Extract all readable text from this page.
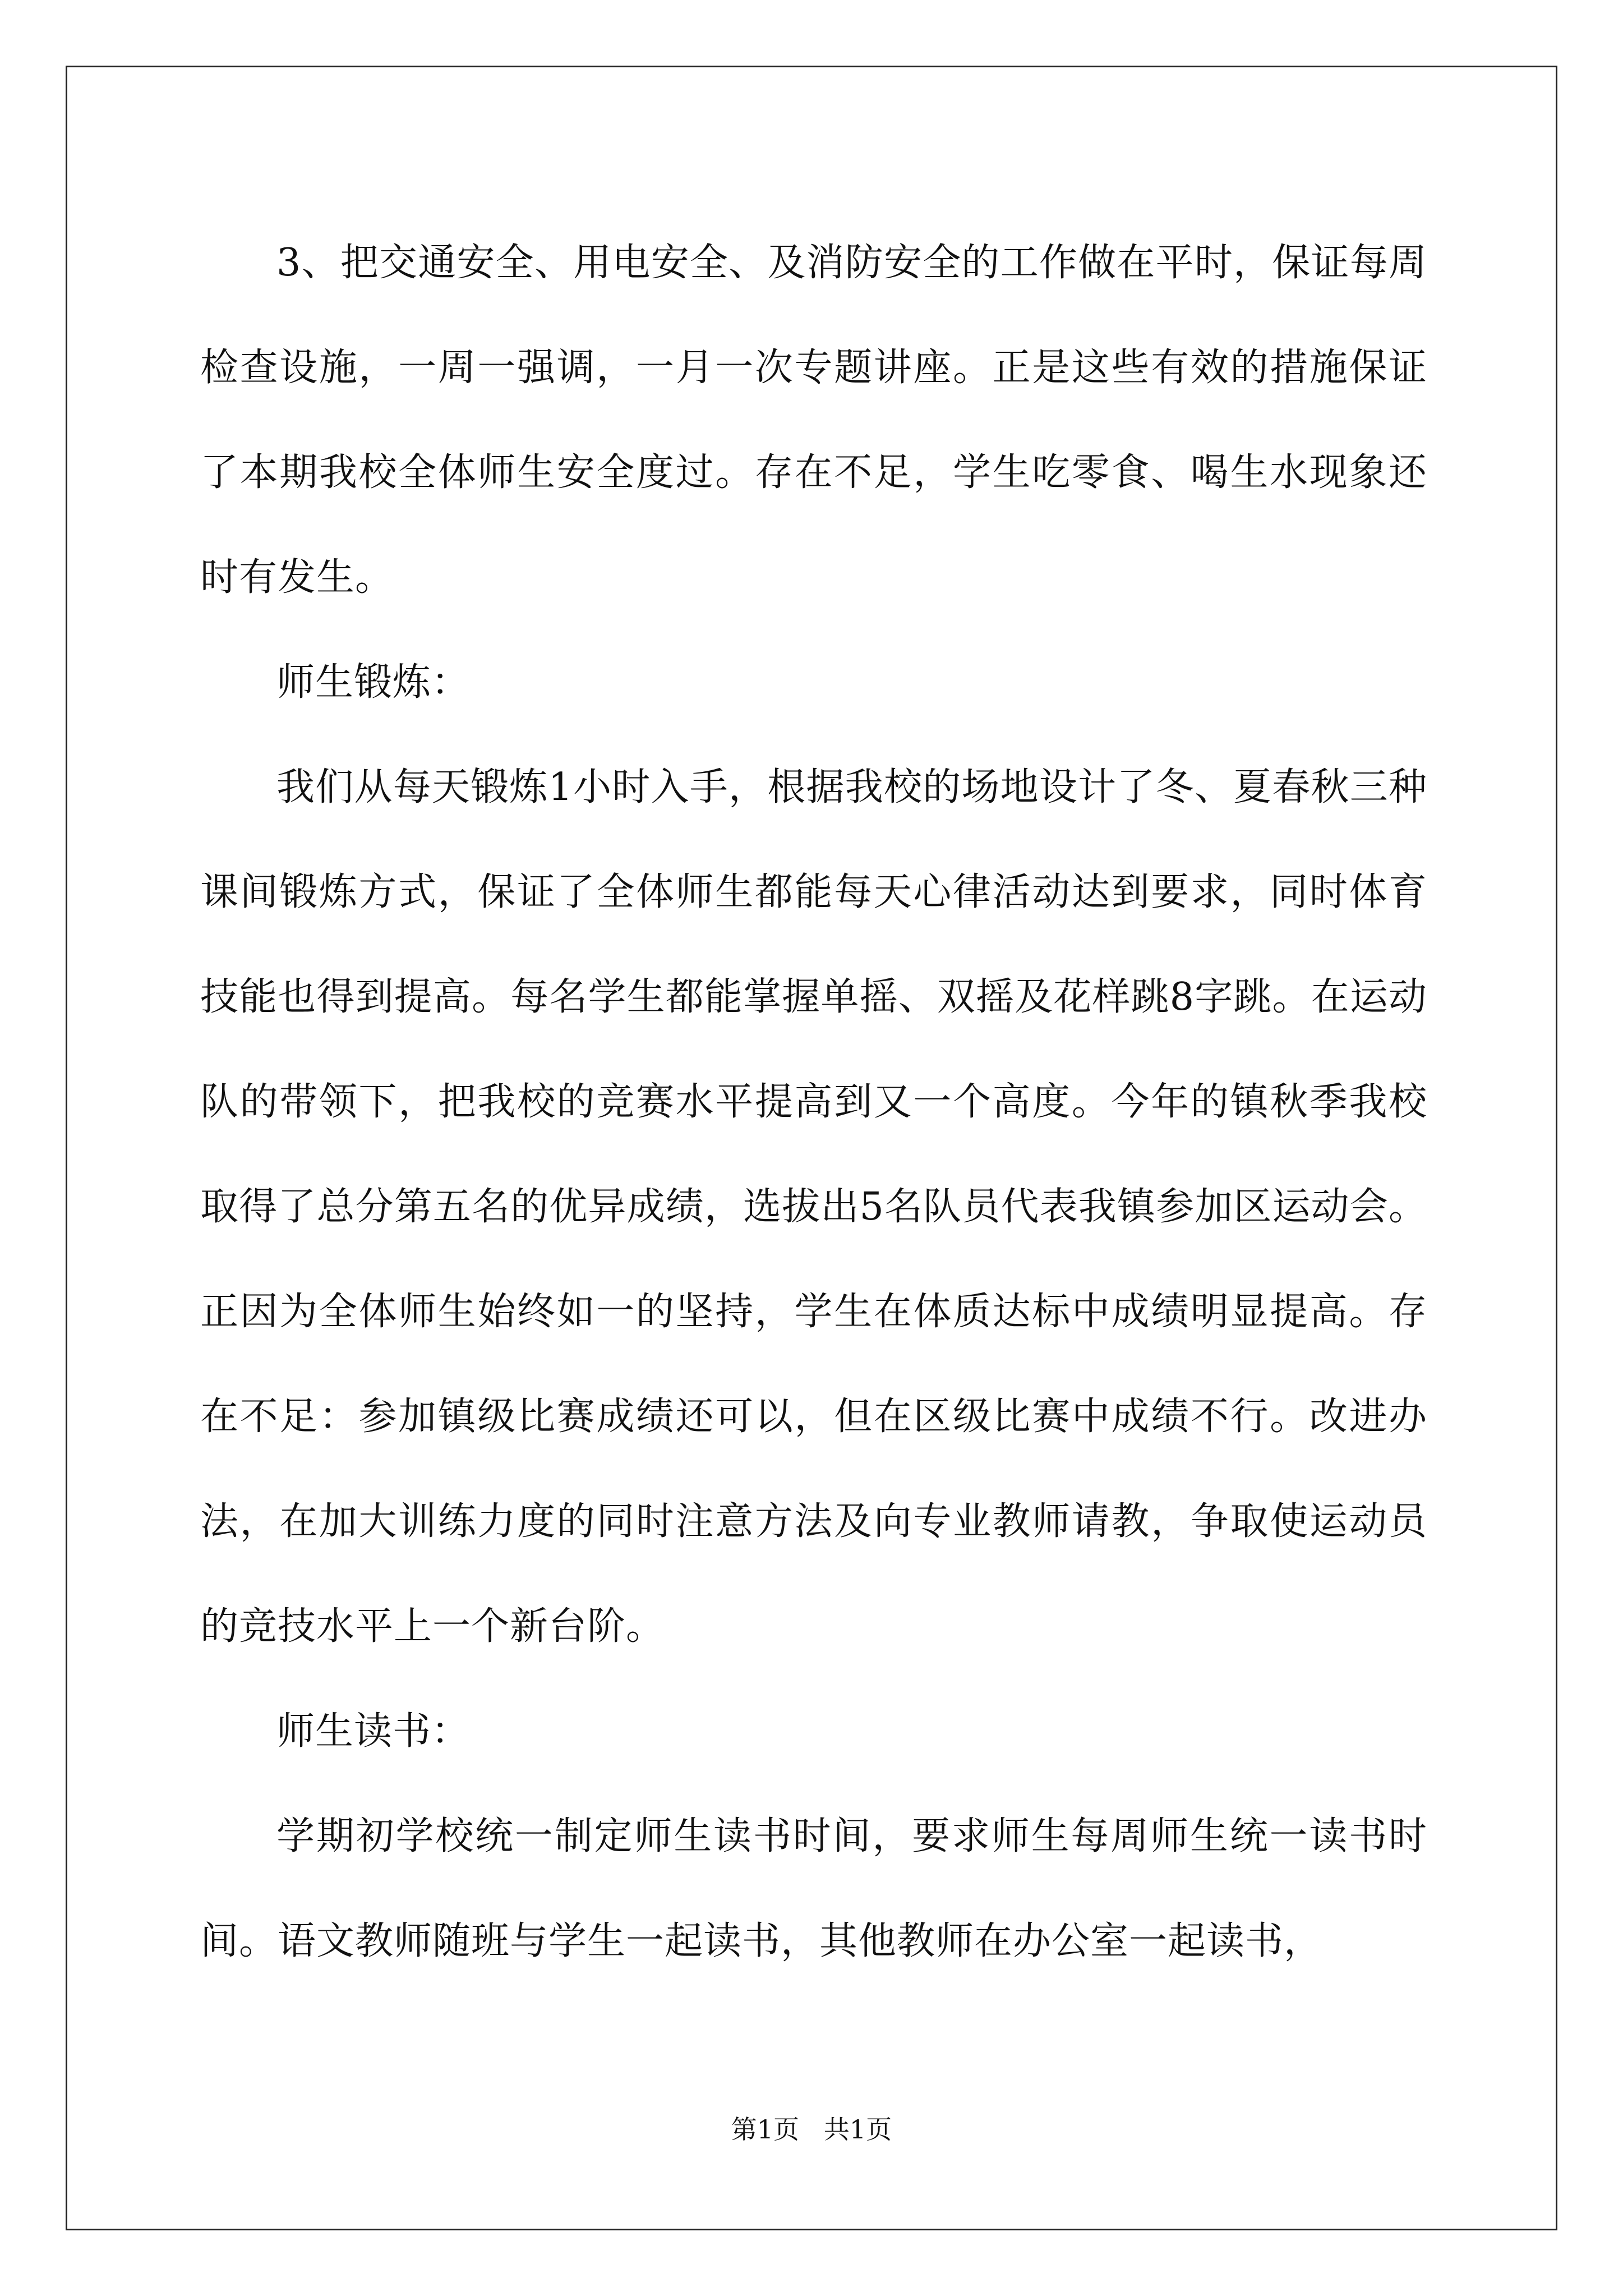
3、把交通安全、用电安全、及消防安全的工作做在平时，保证每周检查设施，一周一强调，一月一次专题讲座。正是这些有效的措施保证了本期我校全体师生安全度过。存在不足，学生吃零食、喝生水现象还时有发生。

师生锻炼：

我们从每天锻炼1小时入手，根据我校的场地设计了冬、夏春秋三种课间锻炼方式，保证了全体师生都能每天心律活动达到要求，同时体育技能也得到提高。每名学生都能掌握单摇、双摇及花样跳8字跳。在运动队的带领下，把我校的竞赛水平提高到又一个高度。今年的镇秋季我校取得了总分第五名的优异成绩，选拔出5名队员代表我镇参加区运动会。正因为全体师生始终如一的坚持，学生在体质达标中成绩明显提高。存在不足：参加镇级比赛成绩还可以，但在区级比赛中成绩不行。改进办法，在加大训练力度的同时注意方法及向专业教师请教，争取使运动员的竞技水平上一个新台阶。

师生读书：

学期初学校统一制定师生读书时间，要求师生每周师生统一读书时间。语文教师随班与学生一起读书，其他教师在办公室一起读书，

第1页   共1页
